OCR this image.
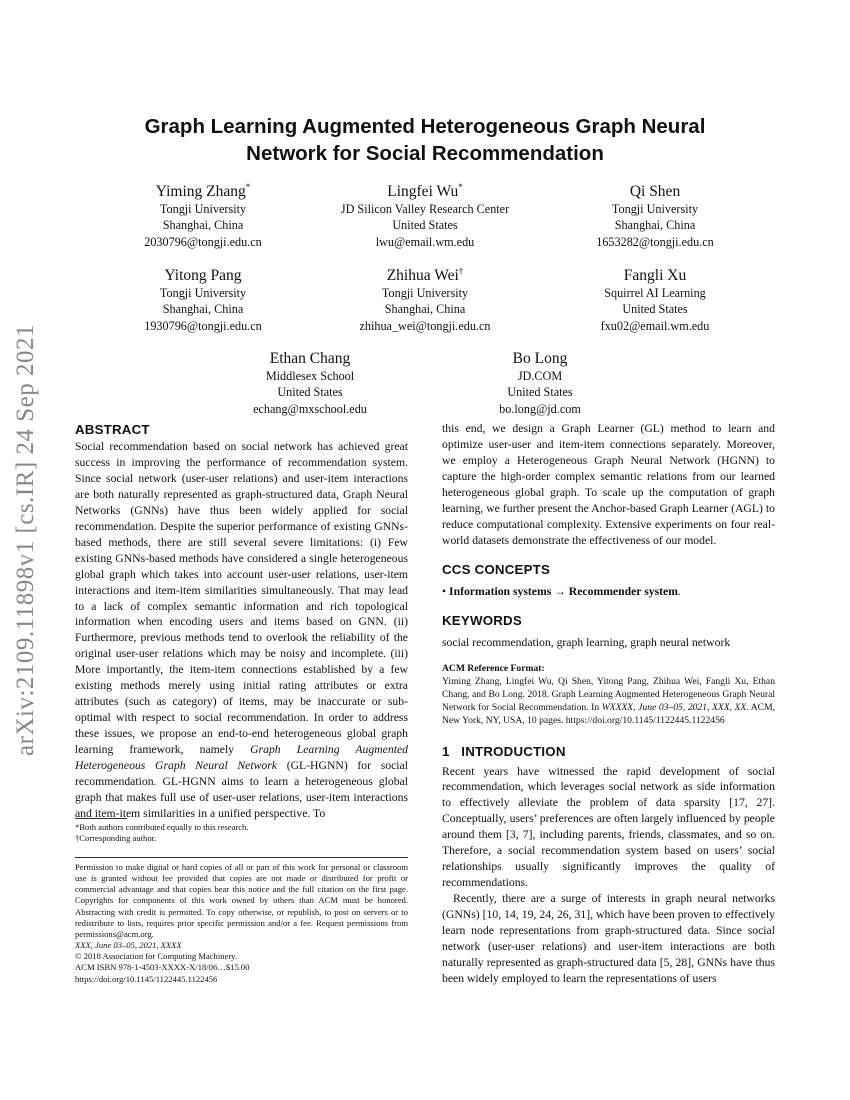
arXiv:2109.11898v1 [cs.IR] 24 Sep 2021
Graph Learning Augmented Heterogeneous Graph Neural
Network for Social Recommendation
Yiming Zhang*
Tongji University
Shanghai, China
2030796@tongji.edu.cn
Lingfei Wu*
JD Silicon Valley Research Center
United States
lwu@email.wm.edu
Qi Shen
Tongji University
Shanghai, China
1653282@tongji.edu.cn
Yitong Pang
Tongji University
Shanghai, China
1930796@tongji.edu.cn
Zhihua Wei†
Tongji University
Shanghai, China
zhihua_wei@tongji.edu.cn
Fangli Xu
Squirrel AI Learning
United States
fxu02@email.wm.edu
Ethan Chang
Middlesex School
United States
echang@mxschool.edu
Bo Long
JD.COM
United States
bo.long@jd.com
ABSTRACT

Social recommendation based on social network has achieved great success in improving the performance of recommendation system. Since social network (user-user relations) and user-item interactions are both naturally represented as graph-structured data, Graph Neural Networks (GNNs) have thus been widely applied for social recommendation. Despite the superior performance of existing GNNs-based methods, there are still several severe limitations: (i) Few existing GNNs-based methods have considered a single heterogeneous global graph which takes into account user-user relations, user-item interactions and item-item similarities simultaneously. That may lead to a lack of complex semantic information and rich topological information when encoding users and items based on GNN. (ii) Furthermore, previous methods tend to overlook the reliability of the original user-user relations which may be noisy and incomplete. (iii) More importantly, the item-item connections established by a few existing methods merely using initial rating attributes or extra attributes (such as category) of items, may be inaccurate or sub-optimal with respect to social recommendation. In order to address these issues, we propose an end-to-end heterogeneous global graph learning framework, namely Graph Learning Augmented Heterogeneous Graph Neural Network (GL-HGNN) for social recommendation. GL-HGNN aims to learn a heterogeneous global graph that makes full use of user-user relations, user-item interactions and item-item similarities in a unified perspective. To

*Both authors contributed equally to this research.
†Corresponding author.

Permission to make digital or hard copies of all or part of this work for personal or classroom use is granted without fee provided that copies are not made or distributed for profit or commercial advantage and that copies bear this notice and the full citation on the first page. Copyrights for components of this work owned by others than ACM must be honored. Abstracting with credit is permitted. To copy otherwise, or republish, to post on servers or to redistribute to lists, requires prior specific permission and/or a fee. Request permissions from permissions@acm.org.

XXX, June 03–05, 2021, XXXX

© 2018 Association for Computing Machinery.

ACM ISBN 978-1-4503-XXXX-X/18/06…$15.00

https://doi.org/10.1145/1122445.1122456

this end, we design a Graph Learner (GL) method to learn and optimize user-user and item-item connections separately. Moreover, we employ a Heterogeneous Graph Neural Network (HGNN) to capture the high-order complex semantic relations from our learned heterogeneous global graph. To scale up the computation of graph learning, we further present the Anchor-based Graph Learner (AGL) to reduce computational complexity. Extensive experiments on four real-world datasets demonstrate the effectiveness of our model.

CCS CONCEPTS

• Information systems → Recommender system.

KEYWORDS

social recommendation, graph learning, graph neural network

ACM Reference Format:
Yiming Zhang, Lingfei Wu, Qi Shen, Yitong Pang, Zhihua Wei, Fangli Xu, Ethan Chang, and Bo Long. 2018. Graph Learning Augmented Heterogeneous Graph Neural Network for Social Recommendation. In WXXXX, June 03–05, 2021, XXX, XX. ACM, New York, NY, USA, 10 pages. https://doi.org/10.1145/1122445.1122456
1 INTRODUCTION

Recent years have witnessed the rapid development of social recommendation, which leverages social network as side information to effectively alleviate the problem of data sparsity [17, 27]. Conceptually, users’ preferences are often largely influenced by people around them [3, 7], including parents, friends, classmates, and so on. Therefore, a social recommendation system based on users’ social relationships usually significantly improves the quality of recommendations.

Recently, there are a surge of interests in graph neural networks (GNNs) [10, 14, 19, 24, 26, 31], which have been proven to effectively learn node representations from graph-structured data. Since social network (user-user relations) and user-item interactions are both naturally represented as graph-structured data [5, 28], GNNs have thus been widely employed to learn the representations of users
